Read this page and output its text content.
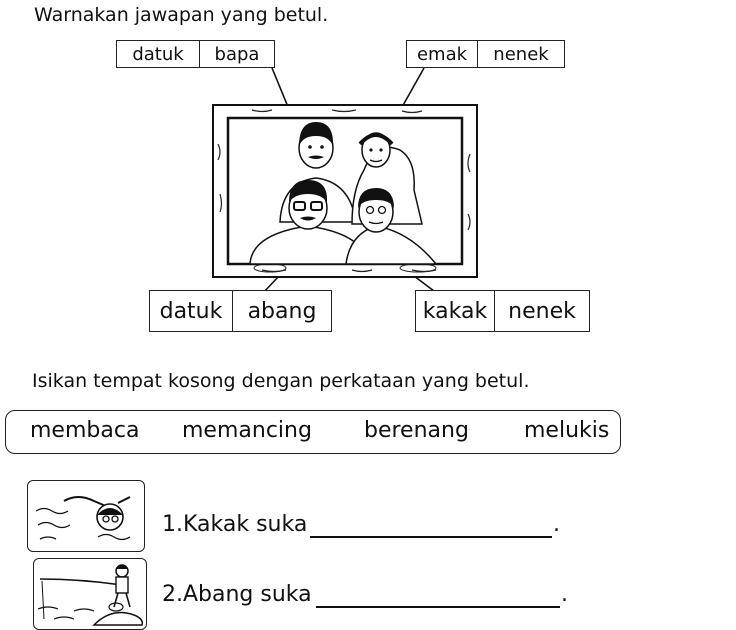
Warnakan jawapan yang betul.
datuk	bapa	emak	nenek
datuk	abang	kakak nenek
Isikan tempat kosong dengan perkataan yang betul.
membaca memancing berenang	melukis
1.Kakak suka	.
2.Abang suka	.
